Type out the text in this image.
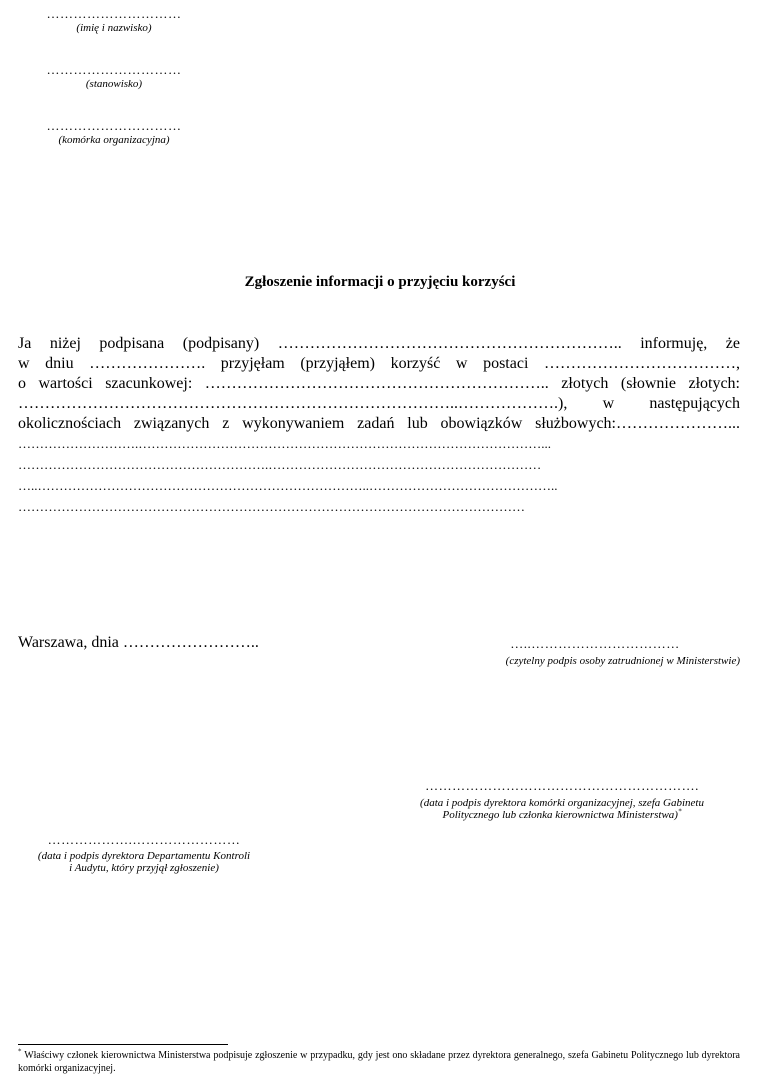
…………………………
(imię i nazwisko)
…………………………
(stanowisko)
…………………………
(komórka organizacyjna)
Zgłoszenie informacji o przyjęciu korzyści
Ja niżej podpisana (podpisany) ……………………………………………………….. informuję, że
w dniu …………………. przyjęłam (przyjąłem) korzyść w postaci ………………………………,
o wartości szacunkowej: ……………………………………………………….. złotych (słownie złotych:
………………………………………………………………………..……………….), w następujących
okolicznościach związanych z wykonywaniem zadań lub obowiązków służbowych:…………………...
……………………….…………………………………………………………………………………...
………………………………………………….………………………………………………………
…..…………………………………………………………………..……………………………………..
………………………………………………………………………………………………………
Warszawa, dnia ……………………..	…..……………………………
(czytelny podpis osoby zatrudnionej w Ministerstwie)
…………………………………………………….
(data i podpis dyrektora komórki organizacyjnej, szefa Gabinetu
Politycznego lub członka kierownictwa Ministerstwa)*
……………….……………………
(data i podpis dyrektora Departamentu Kontroli
i Audytu, który przyjął zgłoszenie)
* Właściwy członek kierownictwa Ministerstwa podpisuje zgłoszenie w przypadku, gdy jest ono składane przez dyrektora generalnego, szefa Gabinetu Politycznego lub dyrektora komórki organizacyjnej.
